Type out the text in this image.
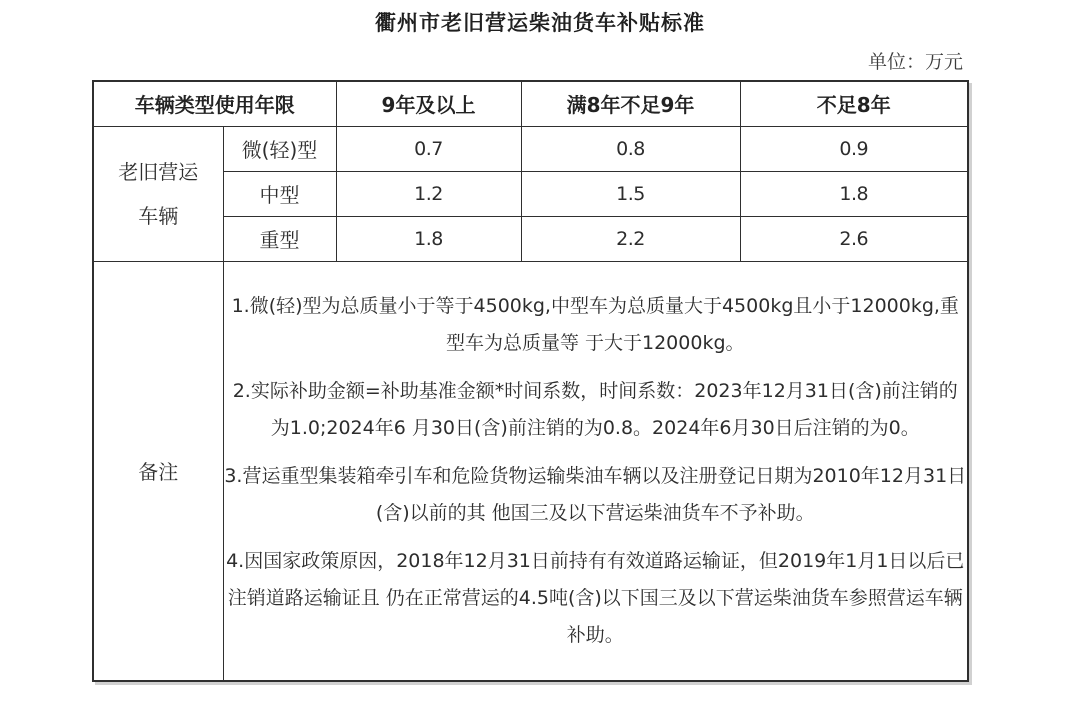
衢州市老旧营运柴油货车补贴标准
单位：万元
车辆类型使用年限		9年及以上	满8年不足9年	不足8年
老旧营运车辆	微(轻)型	0.7	0.8	0.9
	中型	1.2	1.5	1.8
	重型	1.8	2.2	2.6
备注	1.微(轻)型为总质量小于等于4500kg,中型车为总质量大于4500kg且小于12000kg,重型车为总质量等 于大于12000kg。

2.实际补助金额=补助基准金额*时间系数，时间系数：2023年12月31日(含)前注销的为1.0;2024年6 月30日(含)前注销的为0.8。2024年6月30日后注销的为0。

3.营运重型集装箱牵引车和危险货物运输柴油车辆以及注册登记日期为2010年12月31日(含)以前的其 他国三及以下营运柴油货车不予补助。

4.因国家政策原因，2018年12月31日前持有有效道路运输证，但2019年1月1日以后已注销道路运输证且 仍在正常营运的4.5吨(含)以下国三及以下营运柴油货车参照营运车辆补助。			
